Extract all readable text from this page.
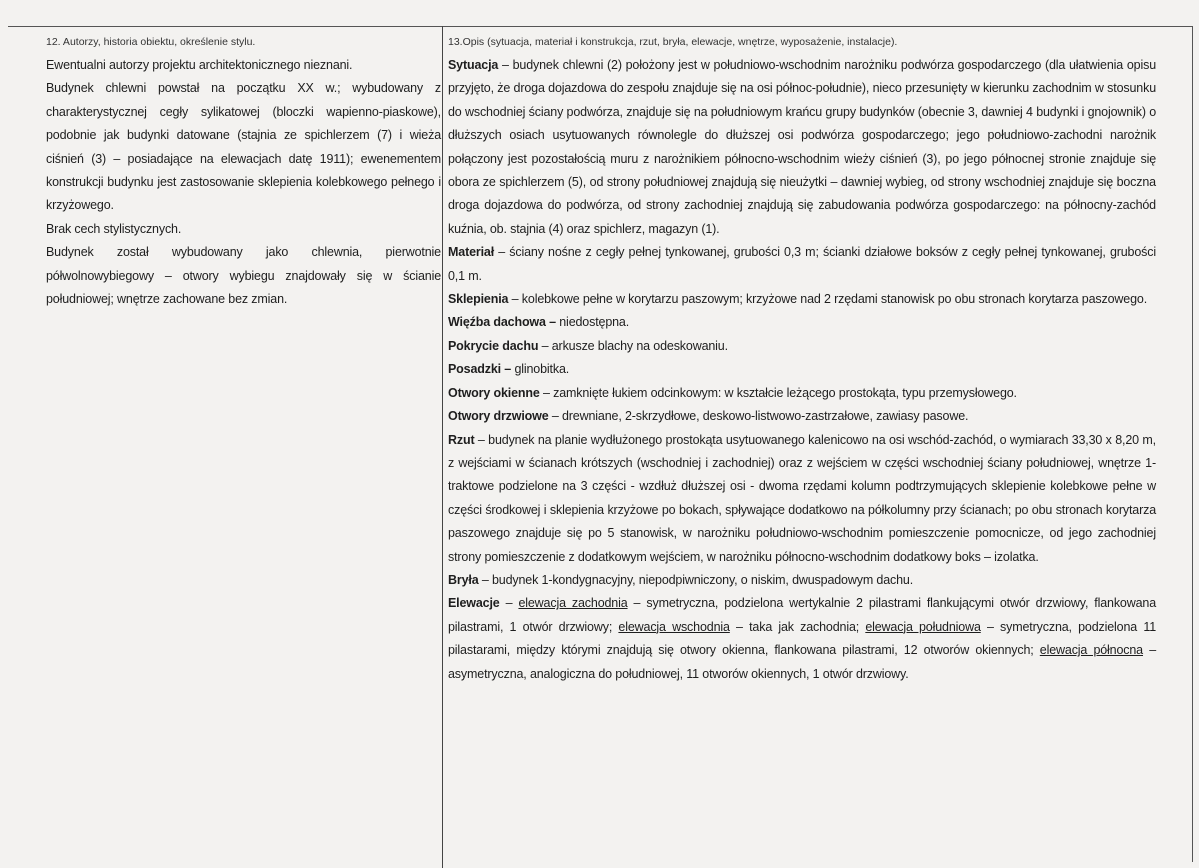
12. Autorzy, historia obiektu, określenie stylu.

Ewentualni autorzy projektu architektonicznego nieznani.

Budynek chlewni powstał na początku XX w.; wybudowany z charakterystycznej cegły sylikatowej (bloczki wapienno-piaskowe), podobnie jak budynki datowane (stajnia ze spichlerzem (7) i wieża ciśnień (3) – posiadające na elewacjach datę 1911); ewenementem konstrukcji budynku jest zastosowanie sklepienia kolebkowego pełnego i krzyżowego.

Brak cech stylistycznych.

Budynek został wybudowany jako chlewnia, pierwotnie półwolnowybiegowy – otwory wybiegu znajdowały się w ścianie południowej; wnętrze zachowane bez zmian.

13.Opis (sytuacja, materiał i konstrukcja, rzut, bryła, elewacje, wnętrze, wyposażenie, instalacje).

Sytuacja – budynek chlewni (2) położony jest w południowo-wschodnim narożniku podwórza gospodarczego (dla ułatwienia opisu przyjęto, że droga dojazdowa do zespołu znajduje się na osi północ-południe), nieco przesunięty w kierunku zachodnim w stosunku do wschodniej ściany podwórza, znajduje się na południowym krańcu grupy budynków (obecnie 3, dawniej 4 budynki i gnojownik) o dłuższych osiach usytuowanych równolegle do dłuższej osi podwórza gospodarczego; jego południowo-zachodni narożnik połączony jest pozostałością muru z narożnikiem północno-wschodnim wieży ciśnień (3), po jego północnej stronie znajduje się obora ze spichlerzem (5), od strony południowej znajdują się nieużytki – dawniej wybieg, od strony wschodniej znajduje się boczna droga dojazdowa do podwórza, od strony zachodniej znajdują się zabudowania podwórza gospodarczego: na północny-zachód kuźnia, ob. stajnia (4) oraz spichlerz, magazyn (1).

Materiał – ściany nośne z cegły pełnej tynkowanej, grubości 0,3 m; ścianki działowe boksów z cegły pełnej tynkowanej, grubości 0,1 m.

Sklepienia – kolebkowe pełne w korytarzu paszowym; krzyżowe nad 2 rzędami stanowisk po obu stronach korytarza paszowego.

Więźba dachowa – niedostępna.

Pokrycie dachu – arkusze blachy na odeskowaniu.

Posadzki – glinobitka.

Otwory okienne – zamknięte łukiem odcinkowym: w kształcie leżącego prostokąta, typu przemysłowego.

Otwory drzwiowe – drewniane, 2-skrzydłowe, deskowo-listwowo-zastrzałowe, zawiasy pasowe.

Rzut – budynek na planie wydłużonego prostokąta usytuowanego kalenicowo na osi wschód-zachód, o wymiarach 33,30 x 8,20 m, z wejściami w ścianach krótszych (wschodniej i zachodniej) oraz z wejściem w części wschodniej ściany południowej, wnętrze 1-traktowe podzielone na 3 części - wzdłuż dłuższej osi - dwoma rzędami kolumn podtrzymujących sklepienie kolebkowe pełne w części środkowej i sklepienia krzyżowe po bokach, spływające dodatkowo na półkolumny przy ścianach; po obu stronach korytarza paszowego znajduje się po 5 stanowisk, w narożniku południowo-wschodnim pomieszczenie pomocnicze, od jego zachodniej strony pomieszczenie z dodatkowym wejściem, w narożniku północno-wschodnim dodatkowy boks – izolatka.

Bryła – budynek 1-kondygnacyjny, niepodpiwniczony, o niskim, dwuspadowym dachu.

Elewacje – elewacja zachodnia – symetryczna, podzielona wertykalnie 2 pilastrami flankującymi otwór drzwiowy, flankowana pilastrami, 1 otwór drzwiowy; elewacja wschodnia – taka jak zachodnia; elewacja południowa – symetryczna, podzielona 11 pilastarami, między którymi znajdują się otwory okienna, flankowana pilastrami, 12 otworów okiennych; elewacja północna – asymetryczna, analogiczna do południowej, 11 otworów okiennych, 1 otwór drzwiowy.
